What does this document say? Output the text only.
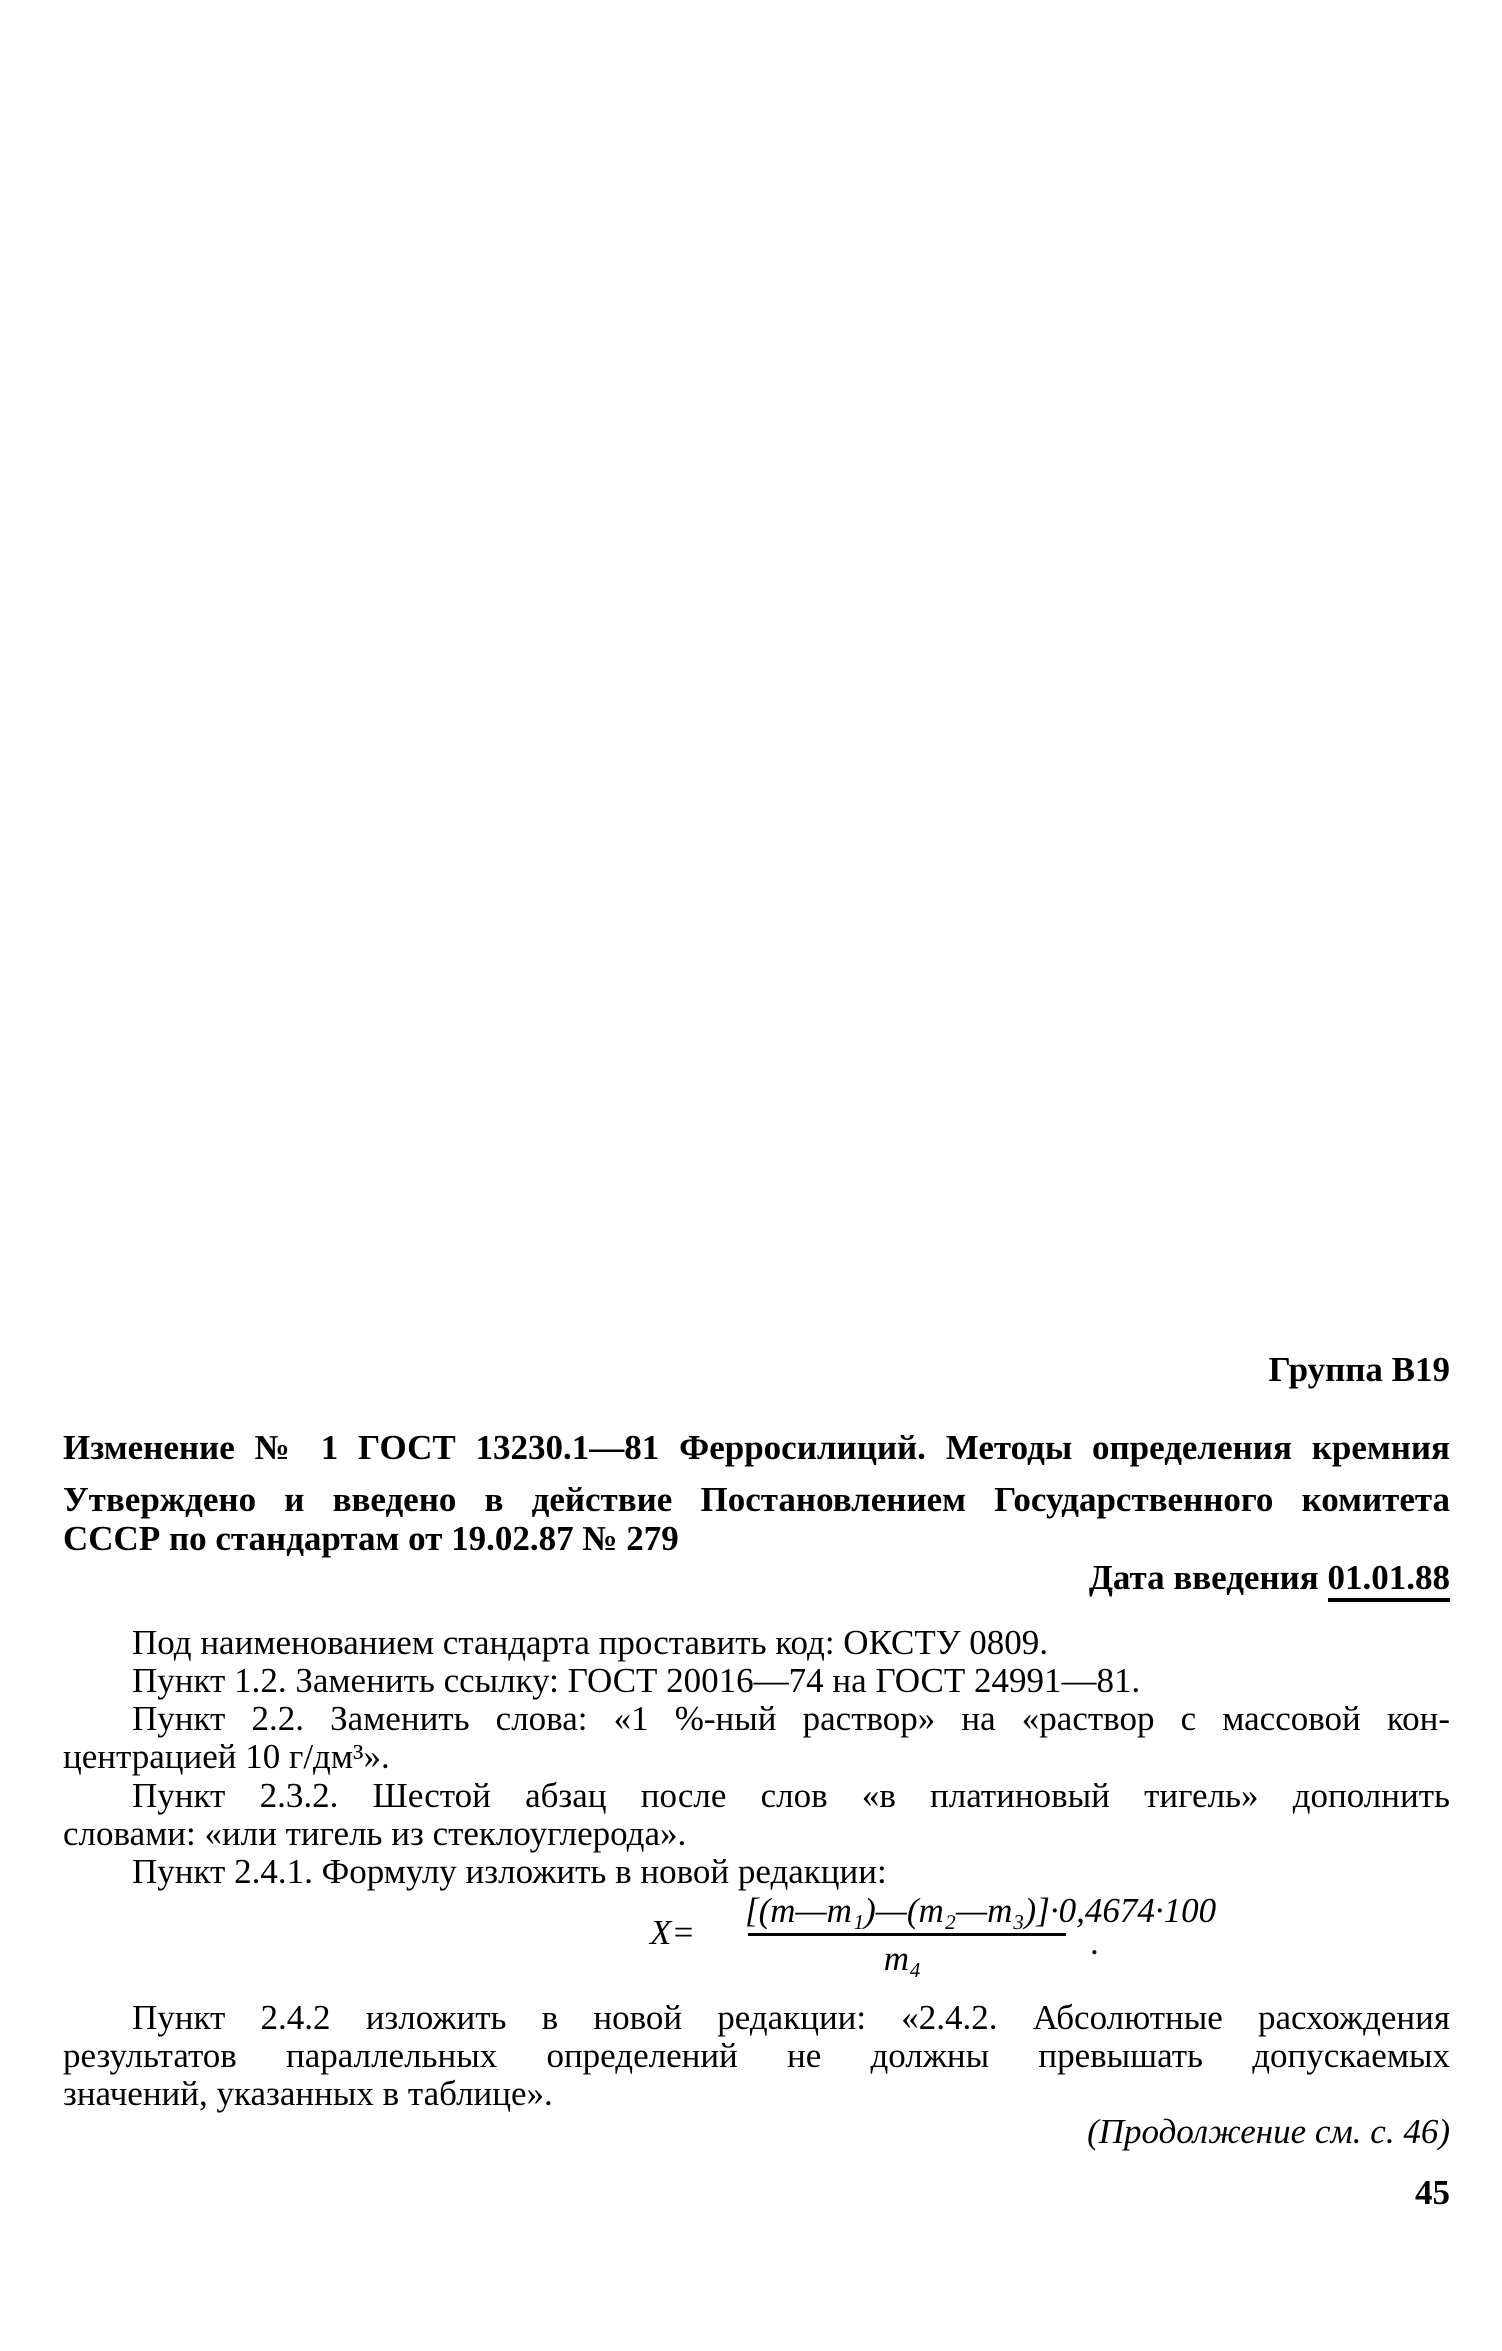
Группа В19
Изменение № 1 ГОСТ 13230.1—81 Ферросилиций. Методы определения кремния
Утверждено и введено в действие Постановлением Государственного комитета
СССР по стандартам от 19.02.87 № 279
Дата введения 01.01.88
Под наименованием стандарта проставить код: ОКСТУ 0809.
Пункт 1.2. Заменить ссылку: ГОСТ 20016—74 на ГОСТ 24991—81.
Пункт 2.2. Заменить слова: «1 %-ный раствор» на «раствор с массовой кон-
центрацией 10 г/дм³».
Пункт 2.3.2. Шестой абзац после слов «в платиновый тигель» дополнить
словами: «или тигель из стеклоуглерода».
Пункт 2.4.1. Формулу изложить в новой редакции:
X=
[(m—m₁)—(m₂—m₃)]·0,4674·100
m₄	.
Пункт 2.4.2 изложить в новой редакции: «2.4.2. Абсолютные расхождения
результатов параллельных определений не должны превышать допускаемых
значений, указанных в таблице».
(Продолжение см. с. 46)
45
